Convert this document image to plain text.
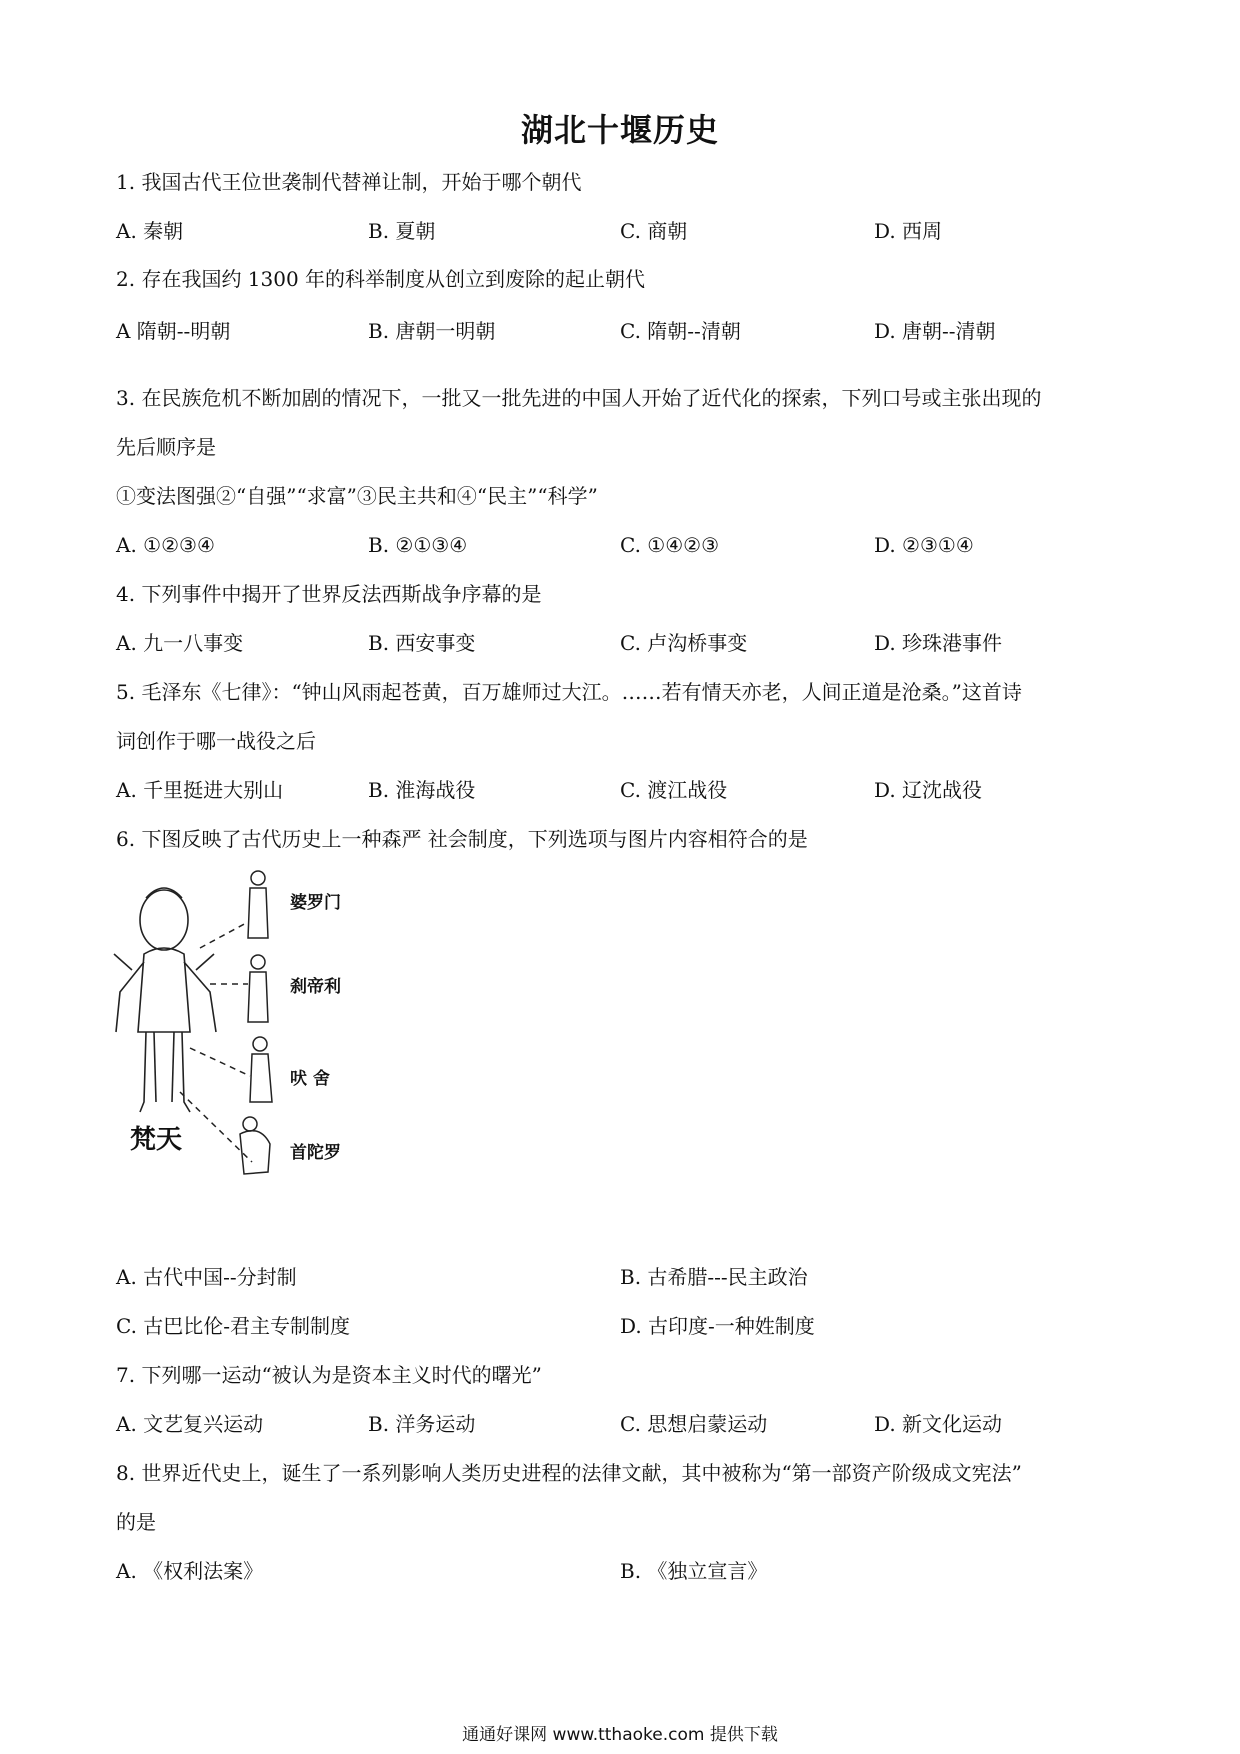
湖北十堰历史
1. 我国古代王位世袭制代替禅让制，开始于哪个朝代
A. 秦朝	B. 夏朝	C. 商朝	D. 西周
2. 存在我国约 1300 年的科举制度从创立到废除的起止朝代
A 隋朝--明朝	B. 唐朝一明朝	C. 隋朝--清朝	D. 唐朝--清朝
3. 在民族危机不断加剧的情况下，一批又一批先进的中国人开始了近代化的探索，下列口号或主张出现的
先后顺序是
①变法图强②“自强”“求富”③民主共和④“民主”“科学”
A. ①②③④	B. ②①③④	C. ①④②③	D. ②③①④
4. 下列事件中揭开了世界反法西斯战争序幕的是
A. 九一八事变	B. 西安事变	C. 卢沟桥事变	D. 珍珠港事件
5. 毛泽东《七律》：“钟山风雨起苍黄，百万雄师过大江。……若有情天亦老，人间正道是沧桑。”这首诗
词创作于哪一战役之后
A. 千里挺进大别山	B. 淮海战役	C. 渡江战役	D. 辽沈战役
6. 下图反映了古代历史上一种森严 社会制度，下列选项与图片内容相符合的是
梵天
婆罗门
刹帝利
吠 舍
首陀罗
A. 古代中国--分封制	B. 古希腊---民主政治
C. 古巴比伦-君主专制制度	D. 古印度-一种姓制度
7. 下列哪一运动“被认为是资本主义时代的曙光”
A. 文艺复兴运动	B. 洋务运动	C. 思想启蒙运动	D. 新文化运动
8. 世界近代史上，诞生了一系列影响人类历史进程的法律文献，其中被称为“第一部资产阶级成文宪法”
的是
A. 《权利法案》	B. 《独立宣言》
通通好课网 www.tthaoke.com 提供下载
